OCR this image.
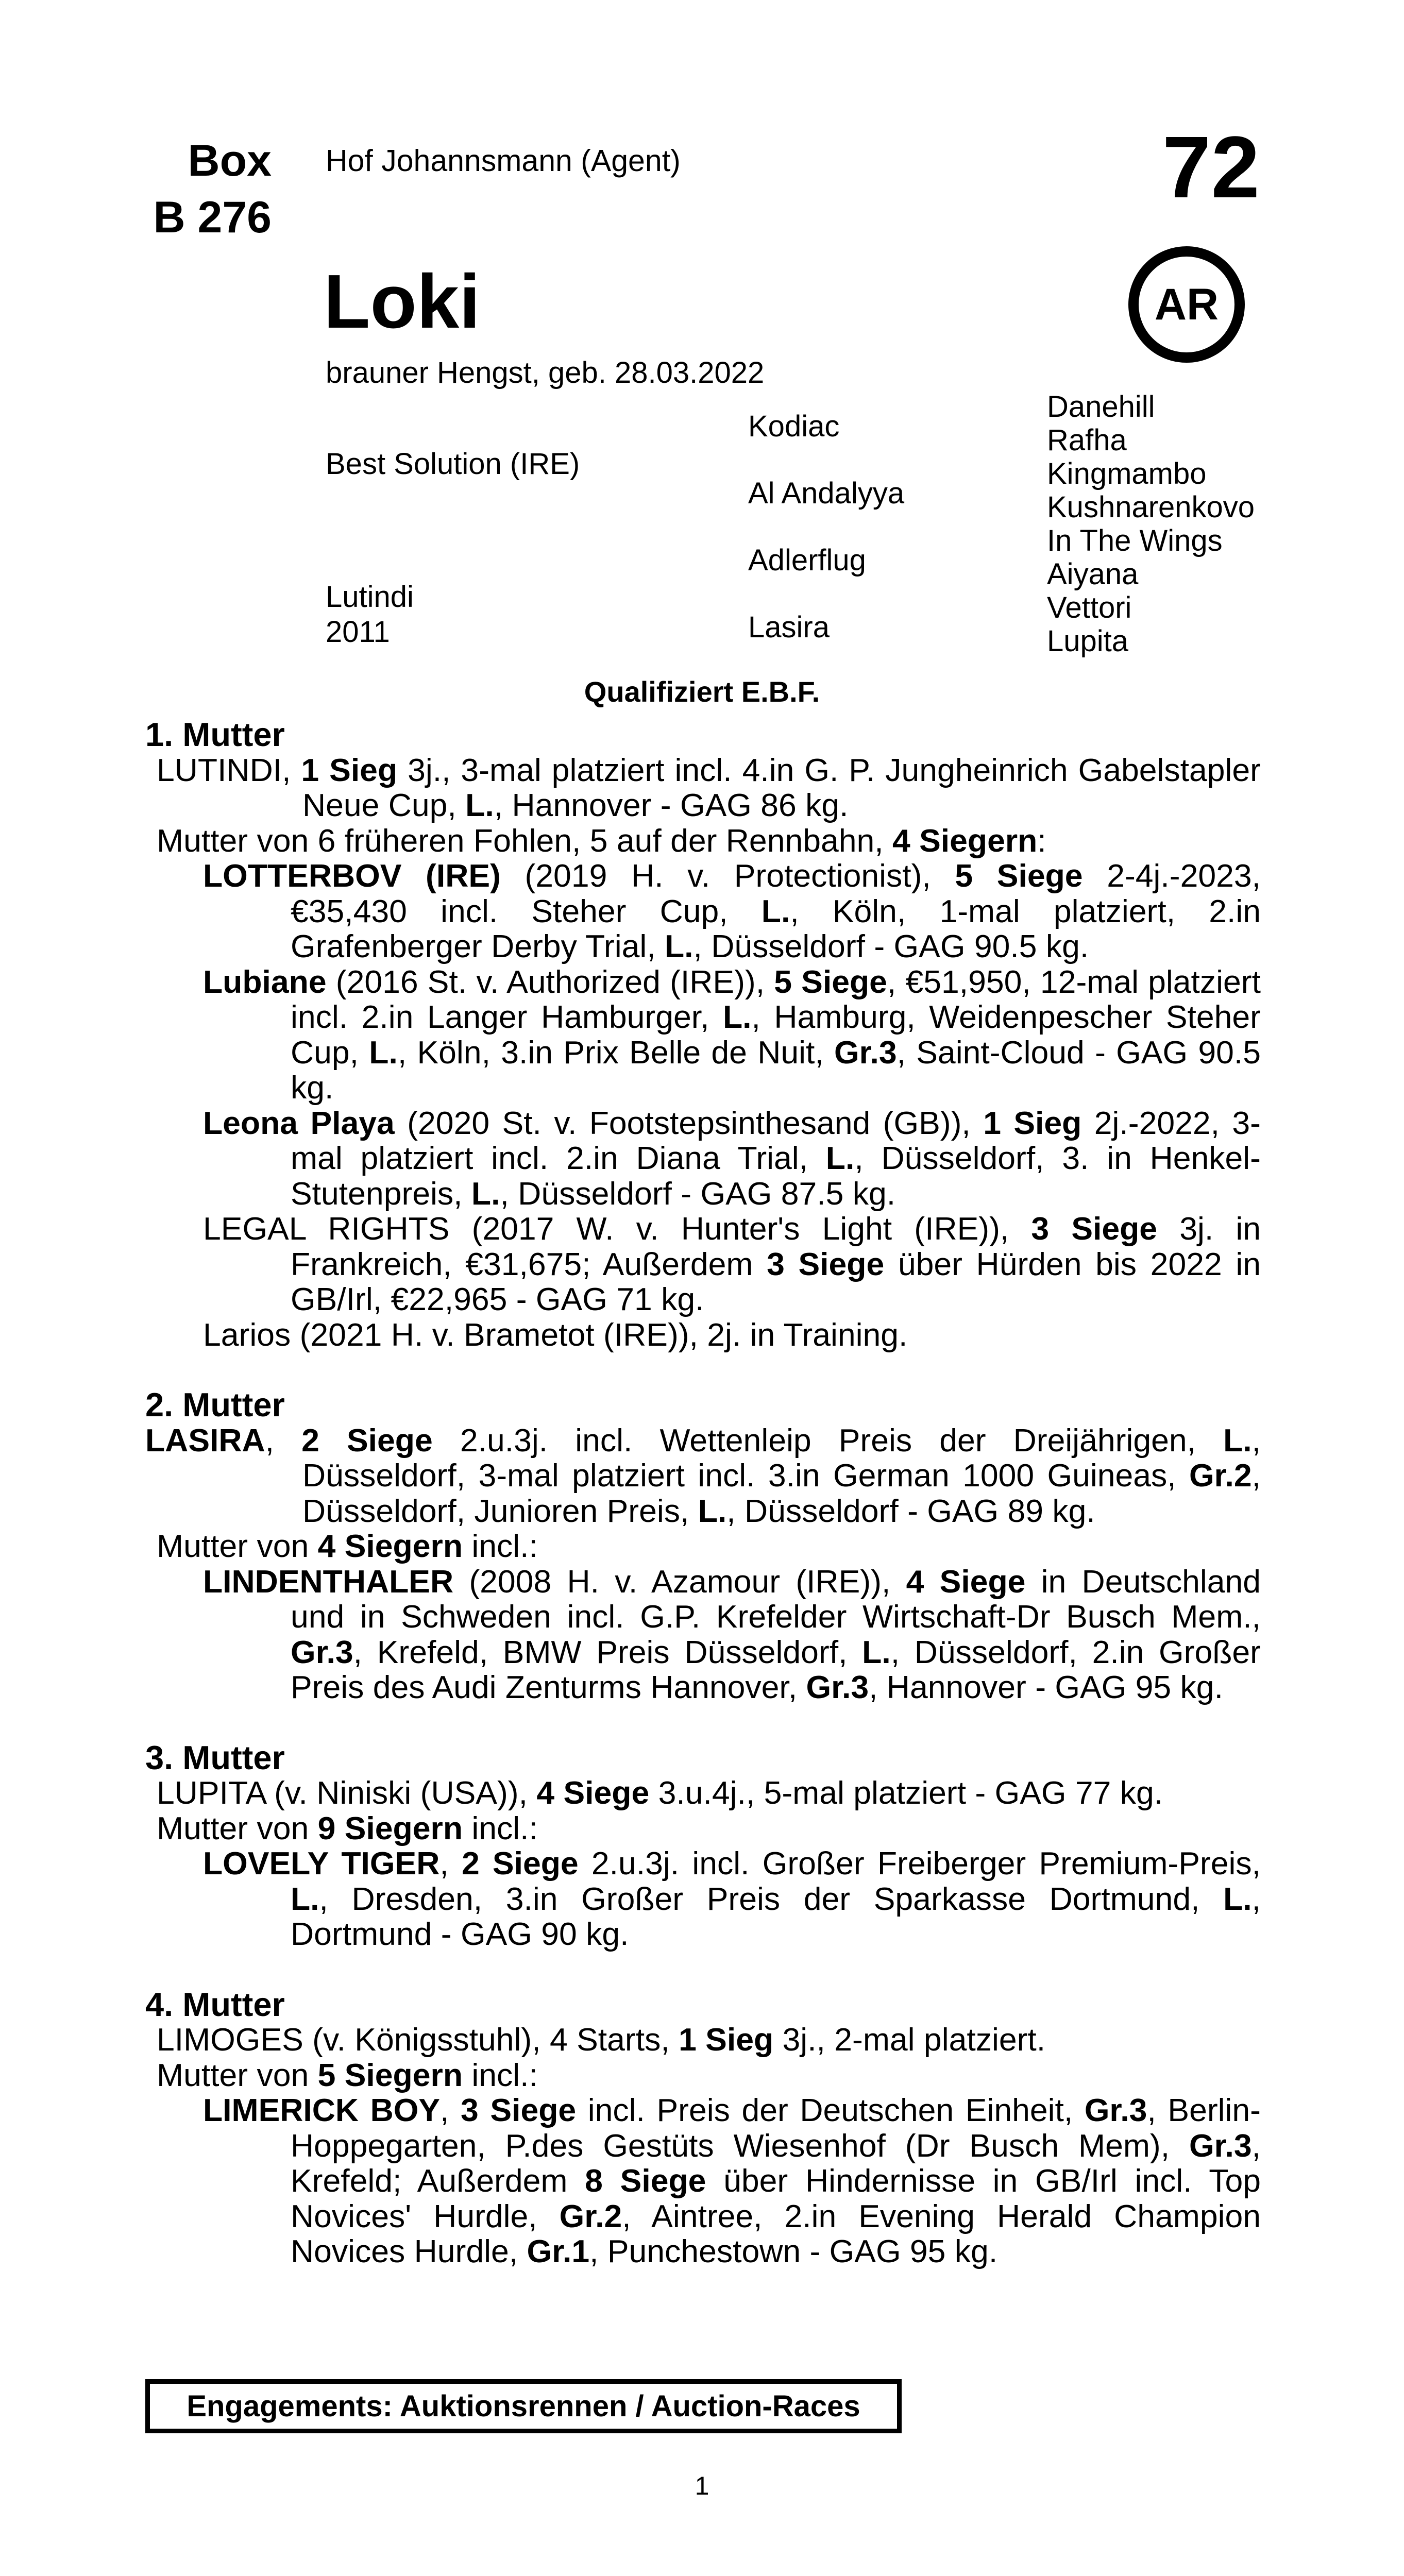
Box
B 276
Hof Johannsmann (Agent)	72
AR
Loki
brauner Hengst, geb. 28.03.2022
Best Solution (IRE)
Lutindi
2011
Kodiac
Al Andalyya
Adlerflug
Lasira
Danehill
Rafha
Kingmambo
Kushnarenkovo
In The Wings
Aiyana
Vettori
Lupita
Qualifiziert E.B.F.
1. Mutter
LUTINDI, 1 Sieg 3j., 3-mal platziert incl. 4.in G. P. Jungheinrich Gabelstapler Neue Cup, L., Hannover - GAG 86 kg.
Mutter von 6 früheren Fohlen, 5 auf der Rennbahn, 4 Siegern:
LOTTERBOV (IRE) (2019 H. v. Protectionist), 5 Siege 2-4j.-2023, €35,430 incl. Steher Cup, L., Köln, 1-mal platziert, 2.in Grafenberger Derby Trial, L., Düsseldorf - GAG 90.5 kg.
Lubiane (2016 St. v. Authorized (IRE)), 5 Siege, €51,950, 12-mal platziert incl. 2.in Langer Hamburger, L., Hamburg, Weidenpescher Steher Cup, L., Köln, 3.in Prix Belle de Nuit, Gr.3, Saint-Cloud - GAG 90.5 kg.
Leona Playa (2020 St. v. Footstepsinthesand (GB)), 1 Sieg 2j.-2022, 3-mal platziert incl. 2.in Diana Trial, L., Düsseldorf, 3. in Henkel-Stutenpreis, L., Düsseldorf - GAG 87.5 kg.
LEGAL RIGHTS (2017 W. v. Hunter's Light (IRE)), 3 Siege 3j. in Frankreich, €31,675; Außerdem 3 Siege über Hürden bis 2022 in GB/Irl, €22,965 - GAG 71 kg.
Larios (2021 H. v. Brametot (IRE)), 2j. in Training.
2. Mutter
LASIRA, 2 Siege 2.u.3j. incl. Wettenleip Preis der Dreijährigen, L., Düsseldorf, 3-mal platziert incl. 3.in German 1000 Guineas, Gr.2, Düsseldorf, Junioren Preis, L., Düsseldorf - GAG 89 kg.
Mutter von 4 Siegern incl.:
LINDENTHALER (2008 H. v. Azamour (IRE)), 4 Siege in Deutschland und in Schweden incl. G.P. Krefelder Wirtschaft-Dr Busch Mem., Gr.3, Krefeld, BMW Preis Düsseldorf, L., Düsseldorf, 2.in Großer Preis des Audi Zenturms Hannover, Gr.3, Hannover - GAG 95 kg.
3. Mutter
LUPITA (v. Niniski (USA)), 4 Siege 3.u.4j., 5-mal platziert - GAG 77 kg.
Mutter von 9 Siegern incl.:
LOVELY TIGER, 2 Siege 2.u.3j. incl. Großer Freiberger Premium-Preis, L., Dresden, 3.in Großer Preis der Sparkasse Dortmund, L., Dortmund - GAG 90 kg.
4. Mutter
LIMOGES (v. Königsstuhl), 4 Starts, 1 Sieg 3j., 2-mal platziert.
Mutter von 5 Siegern incl.:
LIMERICK BOY, 3 Siege incl. Preis der Deutschen Einheit, Gr.3, Berlin-Hoppegarten, P.des Gestüts Wiesenhof (Dr Busch Mem), Gr.3, Krefeld; Außerdem 8 Siege über Hindernisse in GB/Irl incl. Top Novices' Hurdle, Gr.2, Aintree, 2.in Evening Herald Champion Novices Hurdle, Gr.1, Punchestown - GAG 95 kg.
Engagements: Auktionsrennen / Auction-Races
1
